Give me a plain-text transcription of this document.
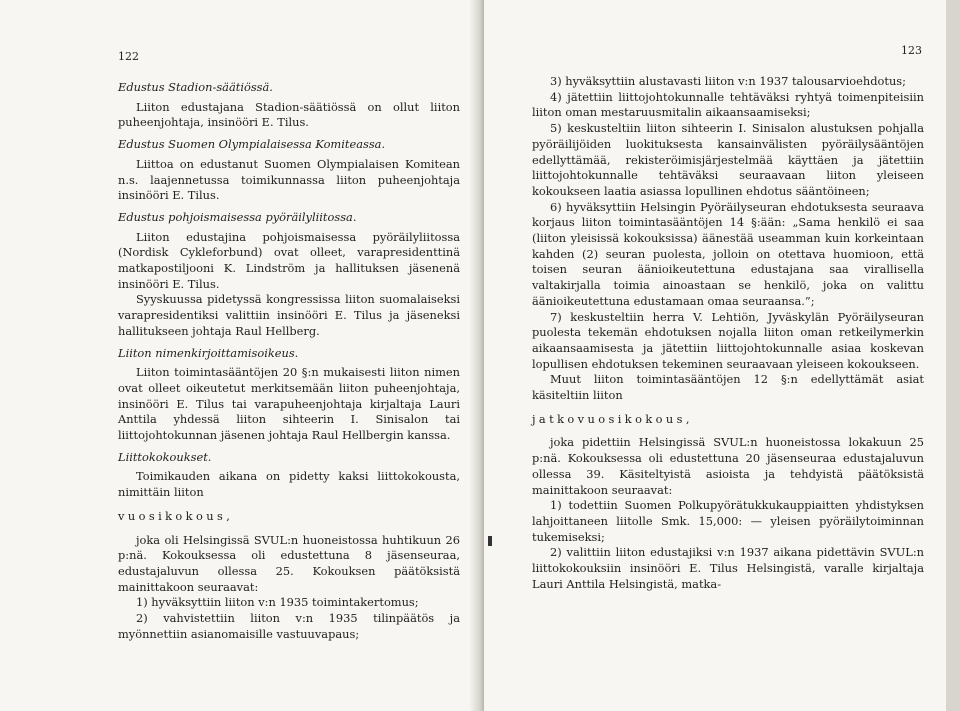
122

Edustus Stadion-säätiössä.

Liiton edustajana Stadion-säätiössä on ollut liiton puheenjohtaja, insinööri E. Tilus.

Edustus Suomen Olympialaisessa Komiteassa.

Liittoa on edustanut Suomen Olympialaisen Komitean n.s. laajennetussa toimikunnassa liiton puheenjohtaja insinööri E. Tilus.

Edustus pohjoismaisessa pyöräilyliitossa.

Liiton edustajina pohjoismaisessa pyöräilyliitossa (Nordisk Cykleforbund) ovat olleet, varapresidenttinä matkapostiljooni K. Lindström ja hallituksen jäsenenä insinööri E. Tilus.

Syyskuussa pidetyssä kongressissa liiton suomalaiseksi varapresidentiksi valittiin insinööri E. Tilus ja jäseneksi hallitukseen johtaja Raul Hellberg.

Liiton nimenkirjoittamisoikeus.

Liiton toimintasääntöjen 20 §:n mukaisesti liiton nimen ovat olleet oikeutetut merkitsemään liiton puheenjohtaja, insinööri E. Tilus tai varapuheenjohtaja kirjaltaja Lauri Anttila yhdessä liiton sihteerin I. Sinisalon tai liittojohtokunnan jäsenen johtaja Raul Hellbergin kanssa.

Liittokokoukset.

Toimikauden aikana on pidetty kaksi liittokokousta, nimittäin liiton

vuosikokous,

joka oli Helsingissä SVUL:n huoneistossa huhtikuun 26 p:nä. Kokouksessa oli edustettuna 8 jäsenseuraa, edustajaluvun ollessa 25. Kokouksen päätöksistä mainittakoon seuraavat:

1) hyväksyttiin liiton v:n 1935 toimintakertomus;

2) vahvistettiin liiton v:n 1935 tilinpäätös ja myönnettiin asianomaisille vastuuvapaus;

123

3) hyväksyttiin alustavasti liiton v:n 1937 talousarvioehdotus;

4) jätettiin liittojohtokunnalle tehtäväksi ryhtyä toimenpiteisiin liiton oman mestaruusmitalin aikaansaamiseksi;

5) keskusteltiin liiton sihteerin I. Sinisalon alustuksen pohjalla pyöräilijöiden luokituksesta kansainvälisten pyöräilysääntöjen edellyttämää, rekisteröimisjärjestelmää käyttäen ja jätettiin liittojohtokunnalle tehtäväksi seuraavaan liiton yleiseen kokoukseen laatia asiassa lopullinen ehdotus sääntöineen;

6) hyväksyttiin Helsingin Pyöräilyseuran ehdotuksesta seuraava korjaus liiton toimintasääntöjen 14 §:ään: „Sama henkilö ei saa (liiton yleisissä kokouksissa) äänestää useamman kuin korkeintaan kahden (2) seuran puolesta, jolloin on otettava huomioon, että toisen seuran äänioikeutettuna edustajana saa virallisella valtakirjalla toimia ainoastaan se henkilö, joka on valittu äänioikeutettuna edustamaan omaa seuraansa.”;

7) keskusteltiin herra V. Lehtiön, Jyväskylän Pyöräilyseuran puolesta tekemän ehdotuksen nojalla liiton oman retkeilymerkin aikaansaamisesta ja jätettiin liittojohtokunnalle asiaa koskevan lopullisen ehdotuksen tekeminen seuraavaan yleiseen kokoukseen.

Muut liiton toimintasääntöjen 12 §:n edellyttämät asiat käsiteltiin liiton

jatkovuosikokous,

joka pidettiin Helsingissä SVUL:n huoneistossa lokakuun 25 p:nä. Kokouksessa oli edustettuna 20 jäsenseuraa edustajaluvun ollessa 39. Käsiteltyistä asioista ja tehdyistä päätöksistä mainittakoon seuraavat:

1) todettiin Suomen Polkupyörätukkukauppiaitten yhdistyksen lahjoittaneen liitolle Smk. 15,000: — yleisen pyöräilytoiminnan tukemiseksi;

2) valittiin liiton edustajiksi v:n 1937 aikana pidettävin SVUL:n liittokokouksiin insinööri E. Tilus Helsingistä, varalle kirjaltaja Lauri Anttila Helsingistä, matka-
